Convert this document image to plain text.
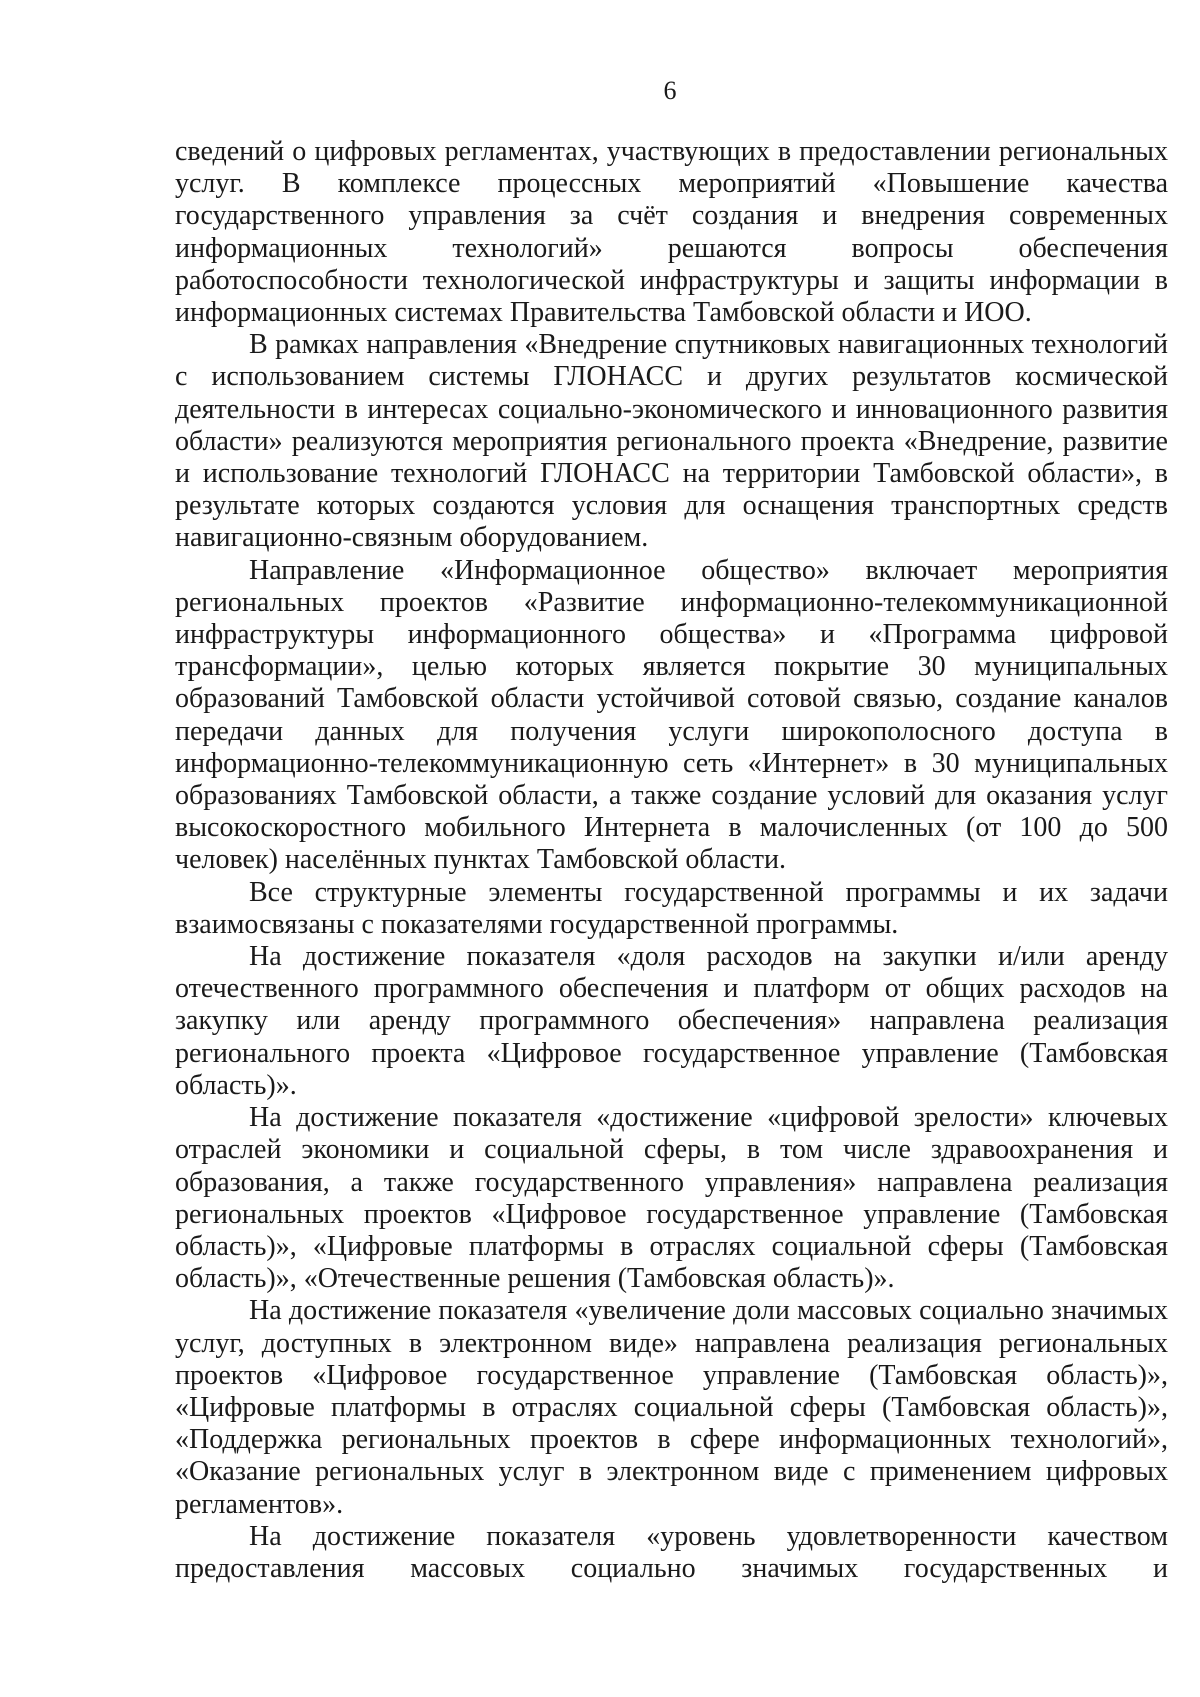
6

сведений о цифровых регламентах, участвующих в предоставлении региональных услуг. В комплексе процессных мероприятий «Повышение качества государственного управления за счёт создания и внедрения современных информационных технологий» решаются вопросы обеспечения работоспособности технологической инфраструктуры и защиты информации в информационных системах Правительства Тамбовской области и ИОО.

В рамках направления «Внедрение спутниковых навигационных технологий с использованием системы ГЛОНАСС и других результатов космической деятельности в интересах социально-экономического и инновационного развития области» реализуются мероприятия регионального проекта «Внедрение, развитие и использование технологий ГЛОНАСС на территории Тамбовской области», в результате которых создаются условия для оснащения транспортных средств навигационно-связным оборудованием.

Направление «Информационное общество» включает мероприятия региональных проектов «Развитие информационно-телекоммуникационной инфраструктуры информационного общества» и «Программа цифровой трансформации», целью которых является покрытие 30 муниципальных образований Тамбовской области устойчивой сотовой связью, создание каналов передачи данных для получения услуги широкополосного доступа в информационно-телекоммуникационную сеть «Интернет» в 30 муниципальных образованиях Тамбовской области, а также создание условий для оказания услуг высокоскоростного мобильного Интернета в малочисленных (от 100 до 500 человек) населённых пунктах Тамбовской области.

Все структурные элементы государственной программы и их задачи взаимосвязаны с показателями государственной программы.

На достижение показателя «доля расходов на закупки и/или аренду отечественного программного обеспечения и платформ от общих расходов на закупку или аренду программного обеспечения» направлена реализация регионального проекта «Цифровое государственное управление (Тамбовская область)».

На достижение показателя «достижение «цифровой зрелости» ключевых отраслей экономики и социальной сферы, в том числе здравоохранения и образования, а также государственного управления» направлена реализация региональных проектов «Цифровое государственное управление (Тамбовская область)», «Цифровые платформы в отраслях социальной сферы (Тамбовская область)», «Отечественные решения (Тамбовская область)».

На достижение показателя «увеличение доли массовых социально значимых услуг, доступных в электронном виде» направлена реализация региональных проектов «Цифровое государственное управление (Тамбовская область)», «Цифровые платформы в отраслях социальной сферы (Тамбовская область)», «Поддержка региональных проектов в сфере информационных технологий», «Оказание региональных услуг в электронном виде с применением цифровых регламентов».

На достижение показателя «уровень удовлетворенности качеством предоставления массовых социально значимых государственных и
